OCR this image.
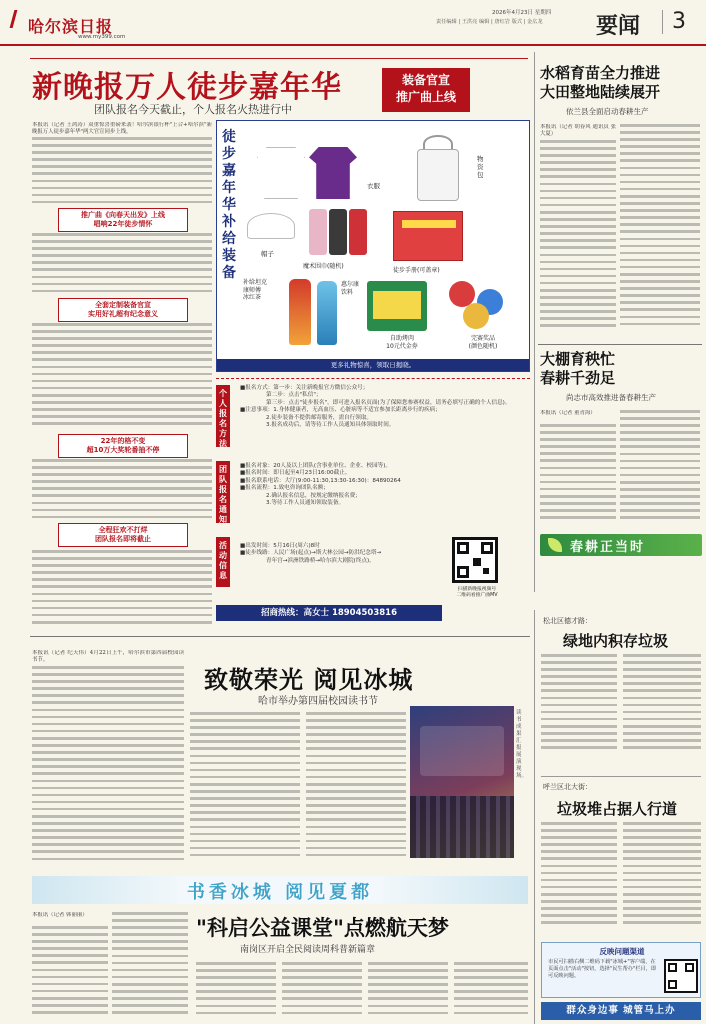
哈尔滨日报
www.my399.com
2026年4月23日 星期四
责任编辑 | 王洪亮 编辑 | 唐红岩 版式 | 金広龙 要闻 3
新晚报万人徒步嘉年华
团队报名今天截止，个人报名火热进行中
装备官宣
推广曲上线
本报讯（记者 王鸿涛）双重惊喜重磅来袭！哈尔滨银行杯"上合+哈尔滨"新晚报万人徒步嘉年华"两大官宣同步上线。
推广曲《向春天出发》上线
唱响22年徒步情怀
全套定制装备官宣
实用好礼超有纪念意义
22年的格不变
超10万大奖轮番抽不停
全程狂欢不打烊
团队报名即将截止
徒步嘉年华补给装备
衣服
物资包
帽子
魔术围巾(随机)
徒步手册(可盖章)
补给坦克
康师傅
冰红茶
惠尔康
饮料
自助烤肉
10元代金券
完赛奖品
(颜色随机)
更多礼物惊喜，领取日揭晓。
个人报名方法
■报名方式：第一步：关注新晚报官方微信公众号；
第二步：点击"私信"；
第三步：点击"徒步报名"，即可进入报名页面(为了保障您参赛权益，请务必填写正确的个人信息)。
■注意事项：1.身体健康者，无高血压、心脏病等不适宜参加长距离步行的疾病；
2.徒步装备不提供邮寄服务，需自行领取。
3.报名成功后，请等待工作人员通知具体领取时间。
团队报名通知
■报名对象：20人及以上团队(含事业单位、企业、校园等)。
■报名时间：即日起至4月23日16:00截止。
■报名联系电话：大厅(9:00-11:30,13:30-16:30)：84890264
■报名流程：1.致电咨询团队名额；
2.确认报名信息，按规定缴纳报名费；
3.等待工作人员通知领取装备。
活动信息
■出发时间：5月16日(周六)8时
■徒步线路：人民广场(起点)→斯大林公园→防洪纪念塔→
青年宫→滨洲铁路桥→哈尔滨大剧院(终点)。
扫描新晚报视频号
二维码看推广曲MV
招商热线：高女士 18904503816
水稻育苗全力推进
大田整地陆续展开
依兰县全面启动春耕生产
本报讯（记者 胡春风 通讯员 张大夏）
大棚育秧忙
春耕千劲足
尚志市高效推进备春耕生产
本报讯（记者 董青海）
春耕正当时
本报讯（记者 纪天伟）4月22日上午，哈尔滨市第四届校园读书节。
致敬荣光 阅见冰城
哈市举办第四届校园读书节
读书成果汇报展演现场。
书香冰城 阅见夏都
本报讯（记者 韩丽丽）
"科启公益课堂"点燃航天梦
南岗区开启全民阅读周科普新篇章
松北区德才路：
绿地内积存垃圾
呼兰区北大街：
垃圾堆占据人行道
反映问题渠道
市民可扫描右侧二维码下载"冰城+"客户端，在页面点击"活动"按钮，选择"民生帮办"栏目，即可反映问题。
群众身边事 城管马上办
